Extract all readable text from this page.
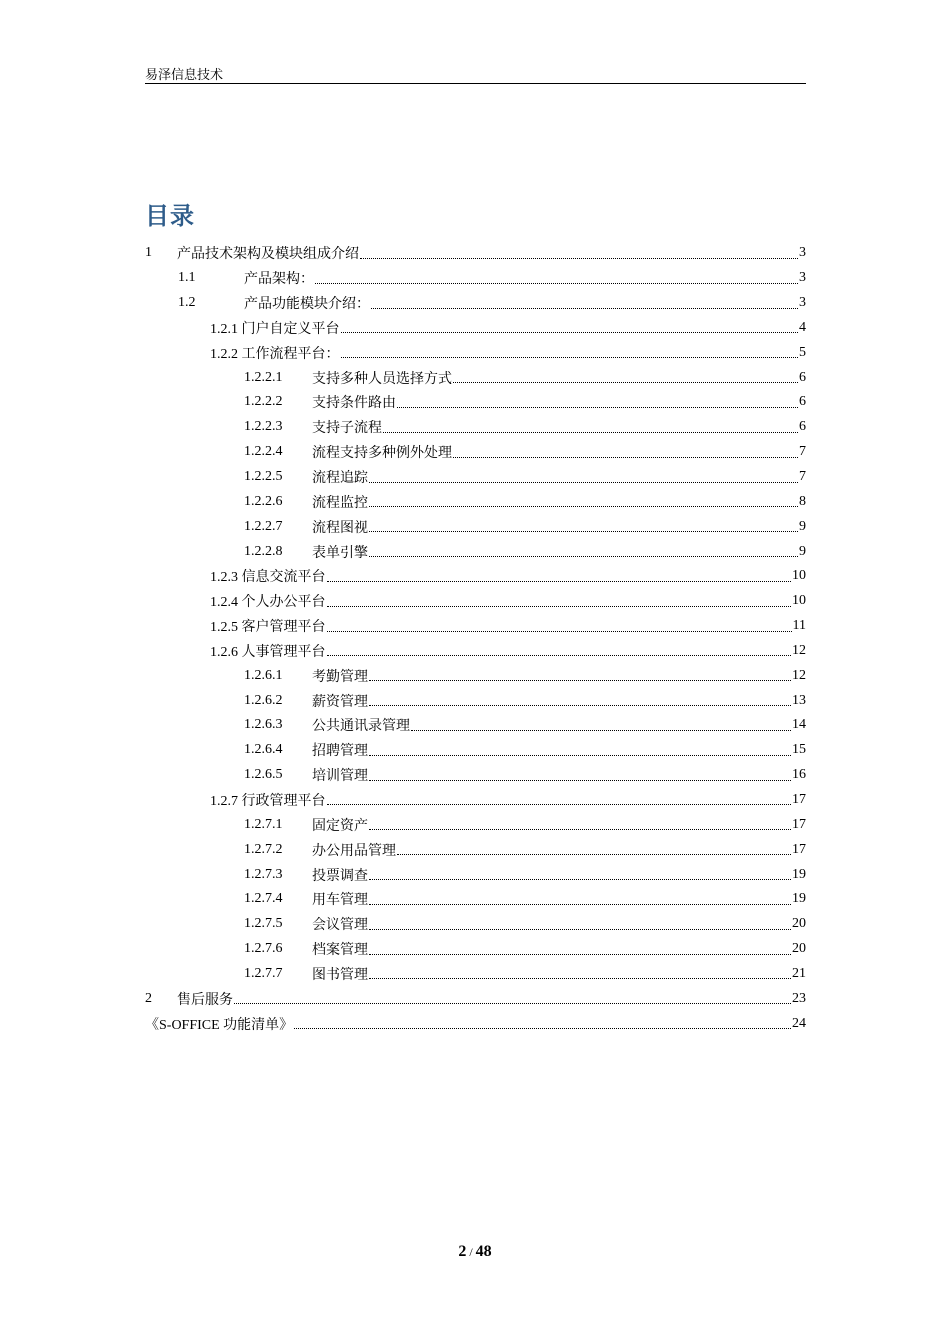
易泽信息技术
目录
1	产品技术架构及模块组成介绍	3
1.1	产品架构：	3
1.2	产品功能模块介绍：	3
1.2.1 门户自定义平台	4
1.2.2 工作流程平台：	5
1.2.2.1	支持多种人员选择方式	6
1.2.2.2	支持条件路由	6
1.2.2.3	支持子流程	6
1.2.2.4	流程支持多种例外处理	7
1.2.2.5	流程追踪	7
1.2.2.6	流程监控	8
1.2.2.7	流程图视	9
1.2.2.8	表单引擎	9
1.2.3 信息交流平台	10
1.2.4 个人办公平台	10
1.2.5 客户管理平台	11
1.2.6 人事管理平台	12
1.2.6.1	考勤管理	12
1.2.6.2	薪资管理	13
1.2.6.3	公共通讯录管理	14
1.2.6.4	招聘管理	15
1.2.6.5	培训管理	16
1.2.7 行政管理平台	17
1.2.7.1	固定资产	17
1.2.7.2	办公用品管理	17
1.2.7.3	投票调查	19
1.2.7.4	用车管理	19
1.2.7.5	会议管理	20
1.2.7.6	档案管理	20
1.2.7.7	图书管理	21
2	售后服务	23
《S-OFFICE 功能清单》	24
2 / 48
